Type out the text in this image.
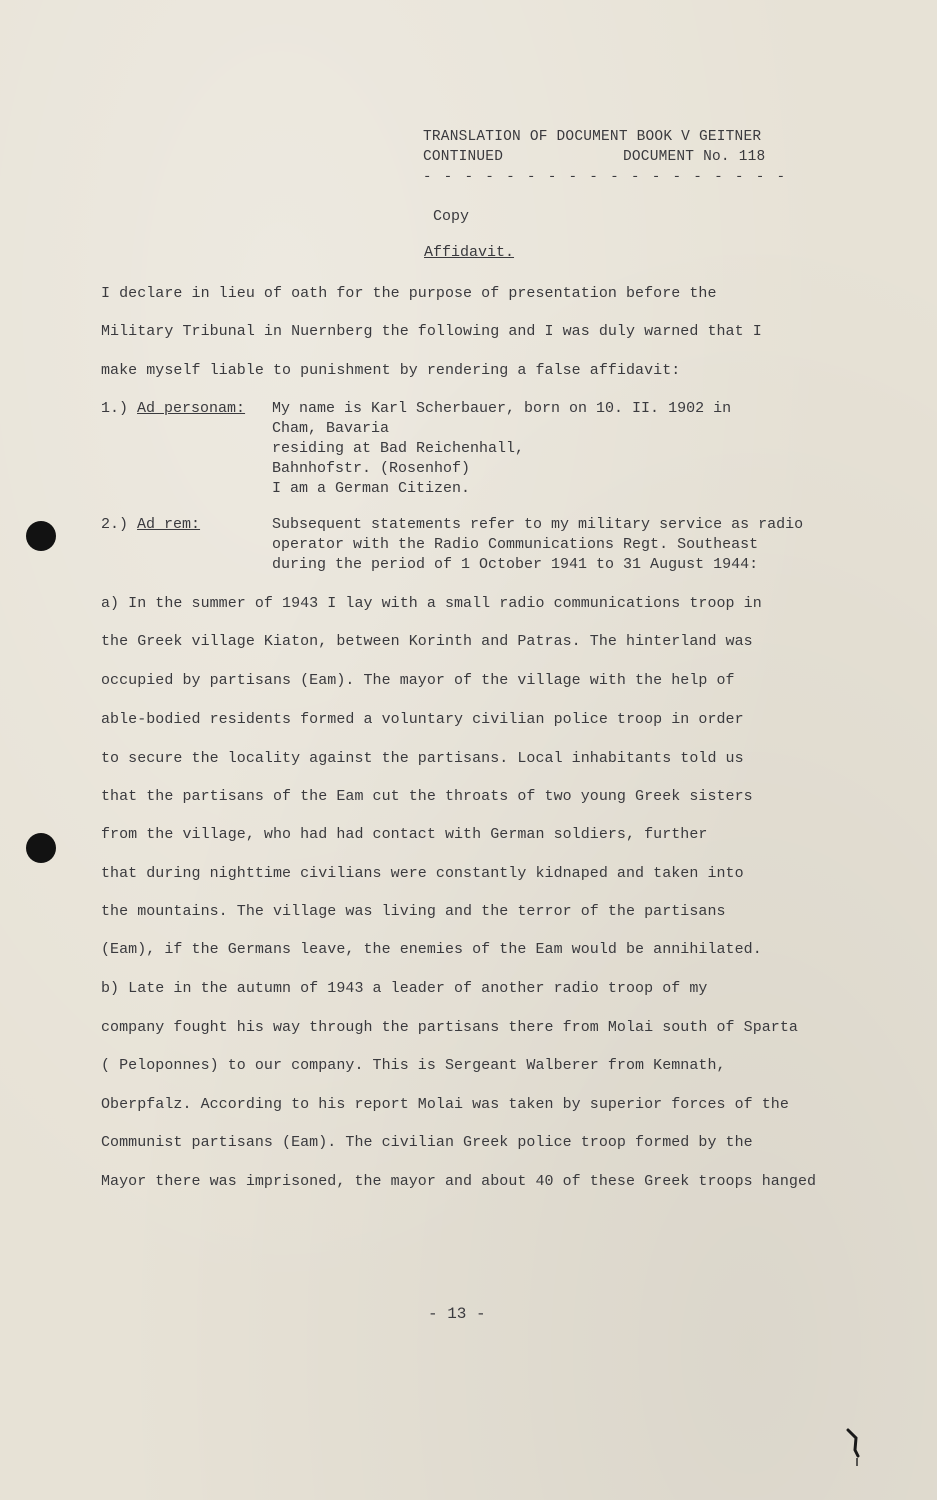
TRANSLATION OF DOCUMENT BOOK V GEITNER
CONTINUED	DOCUMENT No. 118
- - - - - - - - - - - - - - - - - -
Copy
Affidavit.
I declare in lieu of oath for the purpose of presentation before the
Military Tribunal in Nuernberg the following and I was duly warned that I
make myself liable to punishment by rendering a false affidavit:
1.) Ad personam: My name is Karl Scherbauer, born on 10. II. 1902 in
Cham, Bavaria
residing at Bad Reichenhall,
Bahnhofstr. (Rosenhof)
I am a German Citizen.
2.) Ad rem:	Subsequent statements refer to my military service as radio
operator with the Radio Communications Regt. Southeast
during the period of 1 October 1941 to 31 August 1944:
a) In the summer of 1943 I lay with a small radio communications troop in
the Greek village Kiaton, between Korinth and Patras. The hinterland was
occupied by partisans (Eam). The mayor of the village with the help of
able-bodied residents formed a voluntary civilian police troop in order
to secure the locality against the partisans. Local inhabitants told us
that the partisans of the Eam cut the throats of two young Greek sisters
from the village, who had had contact with German soldiers, further
that during nighttime civilians were constantly kidnaped and taken into
the mountains. The village was living and the terror of the partisans
(Eam), if the Germans leave, the enemies of the Eam would be annihilated.
b) Late in the autumn of 1943 a leader of another radio troop of my
company fought his way through the partisans there from Molai south of Sparta
( Peloponnes) to our company. This is Sergeant Walberer from Kemnath,
Oberpfalz. According to his report Molai was taken by superior forces of the
Communist partisans (Eam). The civilian Greek police troop formed by the
Mayor there was imprisoned, the mayor and about 40 of these Greek troops hanged
- 13 -
